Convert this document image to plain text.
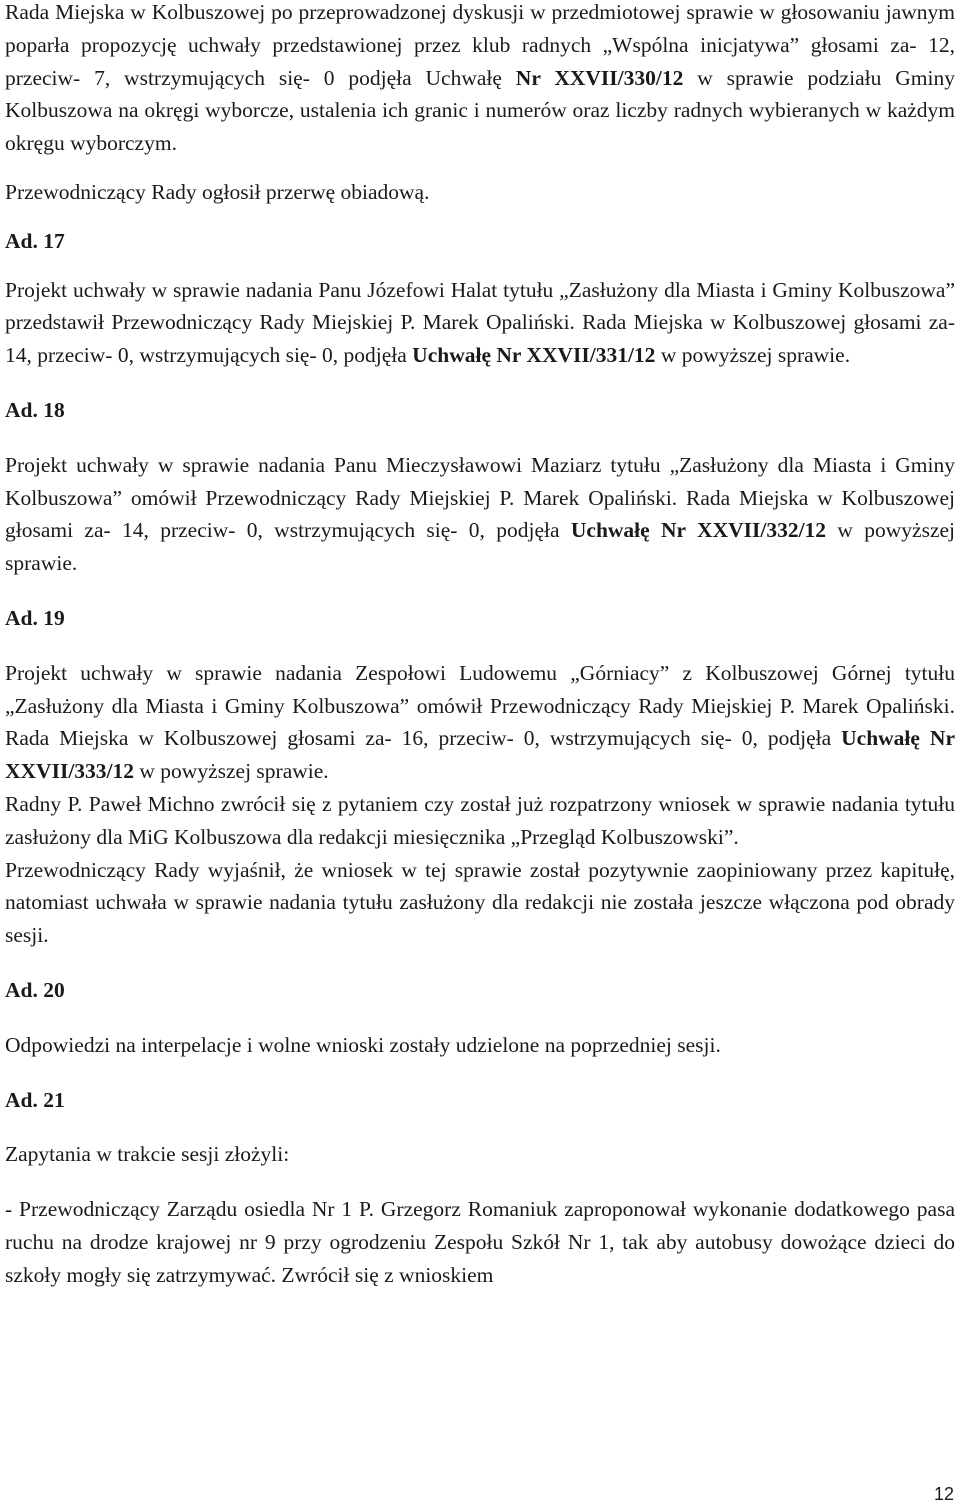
Rada Miejska w Kolbuszowej po przeprowadzonej dyskusji w przedmiotowej sprawie w głosowaniu jawnym poparła propozycję uchwały przedstawionej przez klub radnych „Wspólna inicjatywa” głosami za- 12, przeciw- 7, wstrzymujących się- 0 podjęła Uchwałę Nr XXVII/330/12 w sprawie podziału Gminy Kolbuszowa na okręgi wyborcze, ustalenia ich granic i numerów oraz liczby radnych wybieranych w każdym okręgu wyborczym.

Przewodniczący Rady ogłosił przerwę obiadową.

Ad. 17

Projekt uchwały w sprawie nadania Panu Józefowi Halat tytułu „Zasłużony dla Miasta i Gminy Kolbuszowa” przedstawił Przewodniczący Rady Miejskiej P. Marek Opaliński. Rada Miejska w Kolbuszowej głosami za- 14, przeciw- 0, wstrzymujących się- 0, podjęła Uchwałę Nr XXVII/331/12 w powyższej sprawie.

Ad. 18

Projekt uchwały w sprawie nadania Panu Mieczysławowi Maziarz tytułu „Zasłużony dla Miasta i Gminy Kolbuszowa” omówił Przewodniczący Rady Miejskiej P. Marek Opaliński. Rada Miejska w Kolbuszowej głosami za- 14, przeciw- 0, wstrzymujących się- 0, podjęła Uchwałę Nr XXVII/332/12 w powyższej sprawie.

Ad. 19

Projekt uchwały w sprawie nadania Zespołowi Ludowemu „Górniacy” z Kolbuszowej Górnej tytułu „Zasłużony dla Miasta i Gminy Kolbuszowa” omówił Przewodniczący Rady Miejskiej P. Marek Opaliński. Rada Miejska w Kolbuszowej głosami za- 16, przeciw- 0, wstrzymujących się- 0, podjęła Uchwałę Nr XXVII/333/12 w powyższej sprawie.

Radny P. Paweł Michno zwrócił się z pytaniem czy został już rozpatrzony wniosek w sprawie nadania tytułu zasłużony dla MiG Kolbuszowa dla redakcji miesięcznika „Przegląd Kolbuszowski”.

Przewodniczący Rady wyjaśnił, że wniosek w tej sprawie został pozytywnie zaopiniowany przez kapitułę, natomiast uchwała w sprawie nadania tytułu zasłużony dla redakcji nie została jeszcze włączona pod obrady sesji.

Ad. 20

Odpowiedzi na interpelacje i wolne wnioski zostały udzielone na poprzedniej sesji.

Ad. 21

Zapytania w trakcie sesji złożyli:

- Przewodniczący Zarządu osiedla Nr 1 P. Grzegorz Romaniuk zaproponował wykonanie dodatkowego pasa ruchu na drodze krajowej nr 9 przy ogrodzeniu Zespołu Szkół Nr 1, tak aby autobusy dowożące dzieci do szkoły mogły się zatrzymywać. Zwrócił się z wnioskiem

12
